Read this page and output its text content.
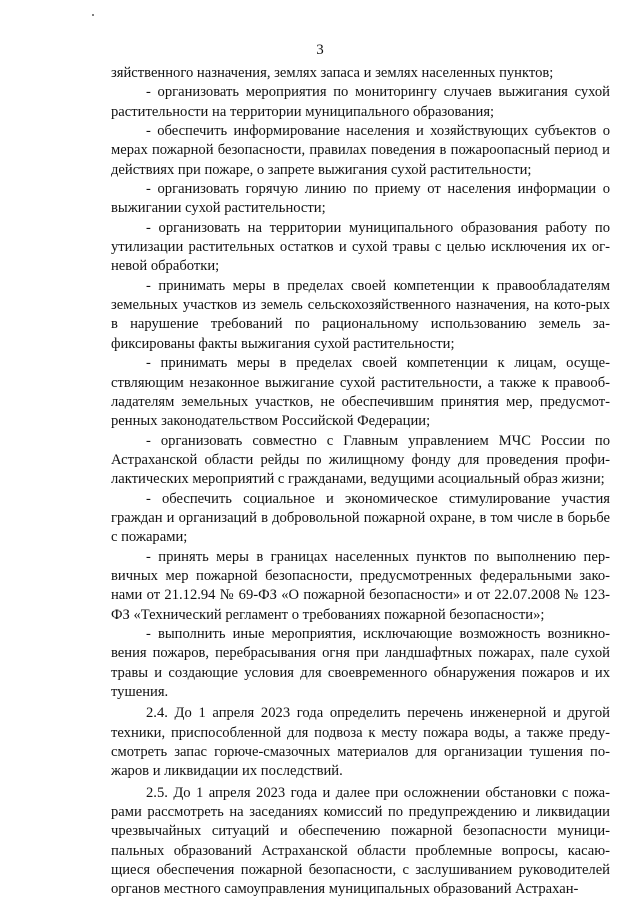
3

зяйственного назначения, землях запаса и землях населенных пунктов;

- организовать мероприятия по мониторингу случаев выжигания сухой растительности на территории муниципального образования;

- обеспечить информирование населения и хозяйствующих субъектов о мерах пожарной безопасности, правилах поведения в пожароопасный период и действиях при пожаре, о запрете выжигания сухой растительности;

- организовать горячую линию по приему от населения информации о выжигании сухой растительности;

- организовать на территории муниципального образования работу по утилизации растительных остатков и сухой травы с целью исключения их ог-невой обработки;

- принимать меры в пределах своей компетенции к правообладателям земельных участков из земель сельскохозяйственного назначения, на кото-рых в нарушение требований по рациональному использованию земель за-фиксированы факты выжигания сухой растительности;

- принимать меры в пределах своей компетенции к лицам, осуще-ствляющим незаконное выжигание сухой растительности, а также к правооб-ладателям земельных участков, не обеспечившим принятия мер, предусмот-ренных законодательством Российской Федерации;

- организовать совместно с Главным управлением МЧС России по Астраханской области рейды по жилищному фонду для проведения профи-лактических мероприятий с гражданами, ведущими асоциальный образ жизни;

- обеспечить социальное и экономическое стимулирование участия граждан и организаций в добровольной пожарной охране, в том числе в борьбе с пожарами;

- принять меры в границах населенных пунктов по выполнению пер-вичных мер пожарной безопасности, предусмотренных федеральными зако-нами от 21.12.94 № 69-ФЗ «О пожарной безопасности» и от 22.07.2008 № 123-ФЗ «Технический регламент о требованиях пожарной безопасности»;

- выполнить иные мероприятия, исключающие возможность возникно-вения пожаров, перебрасывания огня при ландшафтных пожарах, пале сухой травы и создающие условия для своевременного обнаружения пожаров и их тушения.

2.4. До 1 апреля 2023 года определить перечень инженерной и другой техники, приспособленной для подвоза к месту пожара воды, а также преду-смотреть запас горюче-смазочных материалов для организации тушения по-жаров и ликвидации их последствий.

2.5. До 1 апреля 2023 года и далее при осложнении обстановки с пожа-рами рассмотреть на заседаниях комиссий по предупреждению и ликвидации чрезвычайных ситуаций и обеспечению пожарной безопасности муници-пальных образований Астраханской области проблемные вопросы, касаю-щиеся обеспечения пожарной безопасности, с заслушиванием руководителей органов местного самоуправления муниципальных образований Астрахан-
